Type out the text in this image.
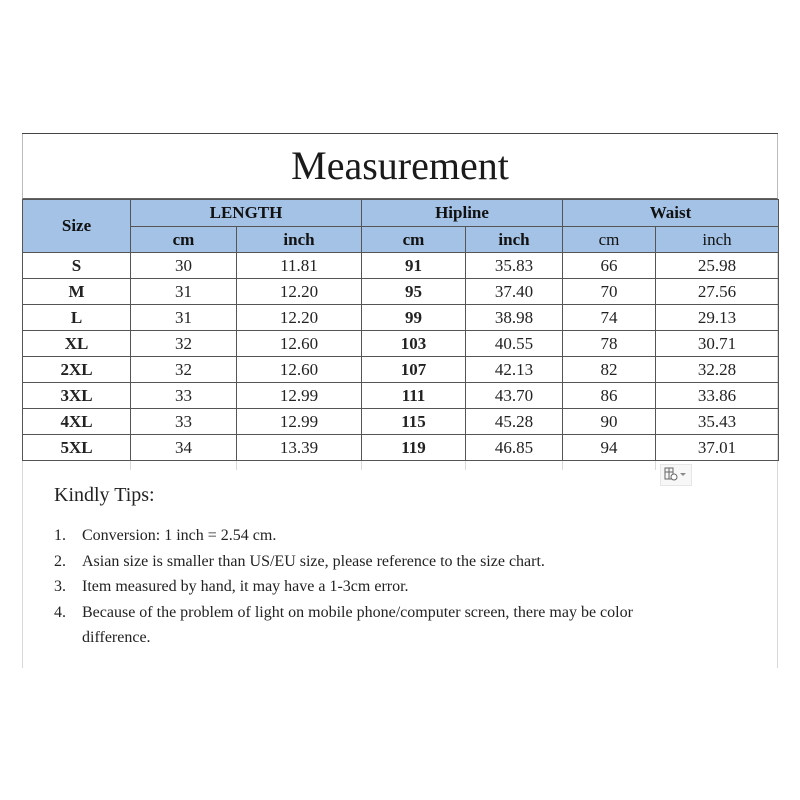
Measurement
Size	LENGTH		Hipline		Waist	
	cm	inch	cm	inch	cm	inch
S	30	11.81	91	35.83	66	25.98
M	31	12.20	95	37.40	70	27.56
L	31	12.20	99	38.98	74	29.13
XL	32	12.60	103	40.55	78	30.71
2XL	32	12.60	107	42.13	82	32.28
3XL	33	12.99	111	43.70	86	33.86
4XL	33	12.99	115	45.28	90	35.43
5XL	34	13.39	119	46.85	94	37.01
Kindly Tips:
1. Conversion: 1 inch = 2.54 cm.
2. Asian size is smaller than US/EU size, please reference to the size chart.
3. Item measured by hand, it may have a 1-3cm error.
4. Because of the problem of light on mobile phone/computer screen, there may be color difference.
